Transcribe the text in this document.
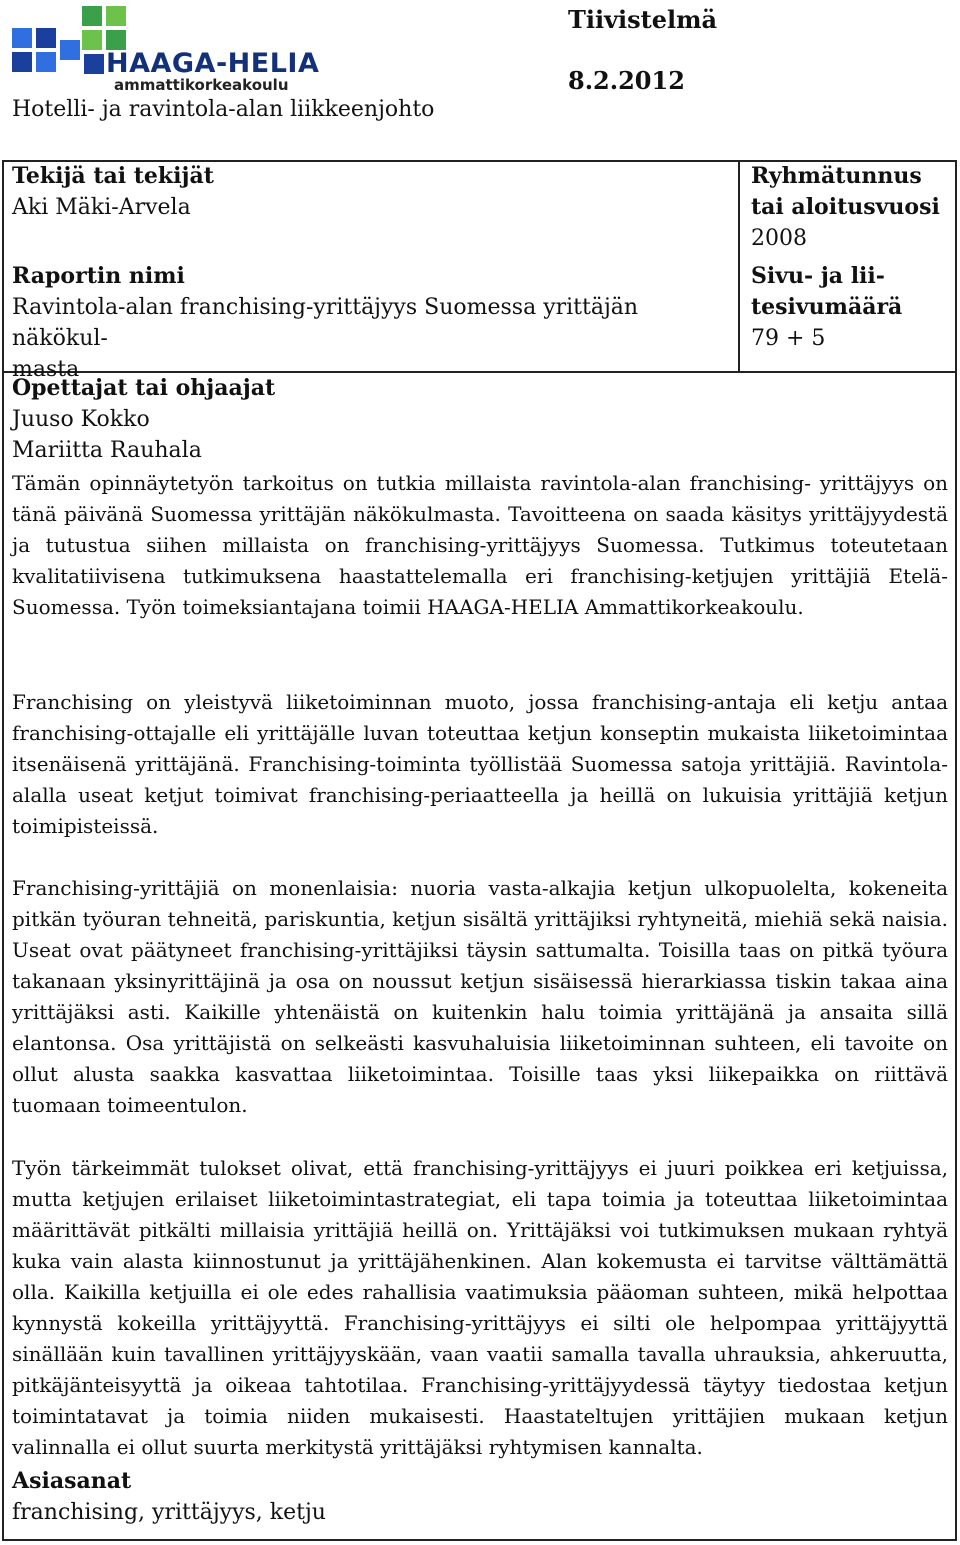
HAAGA-HELIA
ammattikorkeakoulu
Hotelli- ja ravintola-alan liikkeenjohto
Tiivistelmä
8.2.2012
Tekijä tai tekijät
Aki Mäki-Arvela
Raportin nimi
Ravintola-alan franchising-yrittäjyys Suomessa yrittäjän näkökul-
masta
Ryhmätunnus
tai aloitusvuosi
2008
Sivu- ja lii-
tesivumäärä
79 + 5
Opettajat tai ohjaajat
Juuso Kokko
Mariitta Rauhala
Tämän opinnäytetyön tarkoitus on tutkia millaista ravintola-alan franchising- yrittäjyys on tänä päivänä Suomessa yrittäjän näkökulmasta. Tavoitteena on saada käsitys yrittäjyydestä ja tutustua siihen millaista on franchising-yrittäjyys Suomessa. Tutkimus toteutetaan kvalitatiivisena tutkimuksena haastattelemalla eri franchising-ketjujen yrittäjiä Etelä-Suomessa. Työn toimeksiantajana toimii HAAGA-HELIA Ammattikorkeakoulu.
Franchising on yleistyvä liiketoiminnan muoto, jossa franchising-antaja eli ketju antaa franchising-ottajalle eli yrittäjälle luvan toteuttaa ketjun konseptin mukaista liiketoimintaa itsenäisenä yrittäjänä. Franchising-toiminta työllistää Suomessa satoja yrittäjiä. Ravintola-alalla useat ketjut toimivat franchising-periaatteella ja heillä on lukuisia yrittäjiä ketjun toimipisteissä.
Franchising-yrittäjiä on monenlaisia: nuoria vasta-alkajia ketjun ulkopuolelta, kokeneita pitkän työuran tehneitä, pariskuntia, ketjun sisältä yrittäjiksi ryhtyneitä, miehiä sekä naisia. Useat ovat päätyneet franchising-yrittäjiksi täysin sattumalta. Toisilla taas on pitkä työura takanaan yksinyrittäjinä ja osa on noussut ketjun sisäisessä hierarkiassa tiskin takaa aina yrittäjäksi asti. Kaikille yhtenäistä on kuitenkin halu toimia yrittäjänä ja ansaita sillä elantonsa. Osa yrittäjistä on selkeästi kasvuhaluisia liiketoiminnan suhteen, eli tavoite on ollut alusta saakka kasvattaa liiketoimintaa. Toisille taas yksi liikepaikka on riittävä tuomaan toimeentulon.
Työn tärkeimmät tulokset olivat, että franchising-yrittäjyys ei juuri poikkea eri ketjuissa, mutta ketjujen erilaiset liiketoimintastrategiat, eli tapa toimia ja toteuttaa liiketoimintaa määrittävät pitkälti millaisia yrittäjiä heillä on. Yrittäjäksi voi tutkimuksen mukaan ryhtyä kuka vain alasta kiinnostunut ja yrittäjähenkinen. Alan kokemusta ei tarvitse välttämättä olla. Kaikilla ketjuilla ei ole edes rahallisia vaatimuksia pääoman suhteen, mikä helpottaa kynnystä kokeilla yrittäjyyttä. Franchising-yrittäjyys ei silti ole helpompaa yrittäjyyttä sinällään kuin tavallinen yrittäjyyskään, vaan vaatii samalla tavalla uhrauksia, ahkeruutta, pitkäjänteisyyttä ja oikeaa tahtotilaa. Franchising-yrittäjyydessä täytyy tiedostaa ketjun toimintatavat ja toimia niiden mukaisesti. Haastateltujen yrittäjien mukaan ketjun valinnalla ei ollut suurta merkitystä yrittäjäksi ryhtymisen kannalta.
Asiasanat
franchising, yrittäjyys, ketju
